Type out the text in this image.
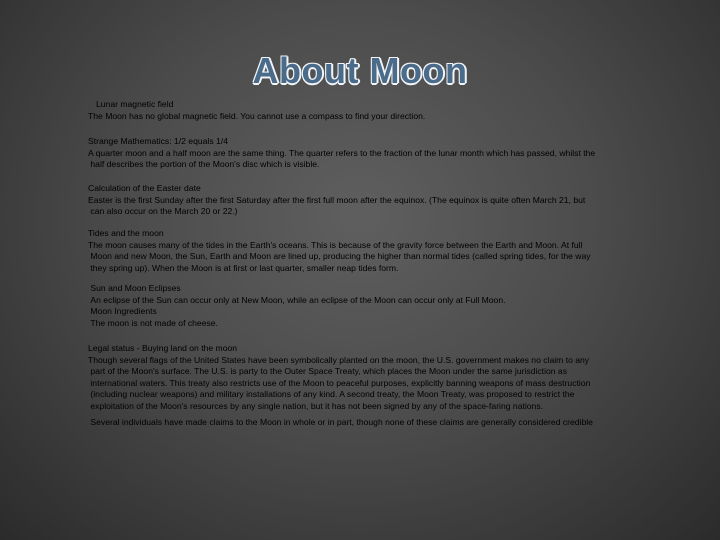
About Moon
Lunar magnetic field
The Moon has no global magnetic field. You cannot use a compass to find your direction.
Strange Mathematics: 1/2 equals 1/4
A quarter moon and a half moon are the same thing. The quarter refers to the fraction of the lunar month which has passed, whilst the
half describes the portion of the Moon's disc which is visible.
Calculation of the Easter date
Easter is the first Sunday after the first Saturday after the first full moon after the equinox. (The equinox is quite often March 21, but
can also occur on the March 20 or 22.)
Tides and the moon
The moon causes many of the tides in the Earth's oceans. This is because of the gravity force between the Earth and Moon. At full
Moon and new Moon, the Sun, Earth and Moon are lined up, producing the higher than normal tides (called spring tides, for the way
they spring up). When the Moon is at first or last quarter, smaller neap tides form.
Sun and Moon Eclipses
An eclipse of the Sun can occur only at New Moon, while an eclipse of the Moon can occur only at Full Moon.
Moon Ingredients
The moon is not made of cheese.
Legal status - Buying land on the moon
Though several flags of the United States have been symbolically planted on the moon, the U.S. government makes no claim to any
part of the Moon's surface. The U.S. is party to the Outer Space Treaty, which places the Moon under the same jurisdiction as
international waters. This treaty also restricts use of the Moon to peaceful purposes, explicitly banning weapons of mass destruction
(including nuclear weapons) and military installations of any kind. A second treaty, the Moon Treaty, was proposed to restrict the
exploitation of the Moon's resources by any single nation, but it has not been signed by any of the space-faring nations.
Several individuals have made claims to the Moon in whole or in part, though none of these claims are generally considered credible
